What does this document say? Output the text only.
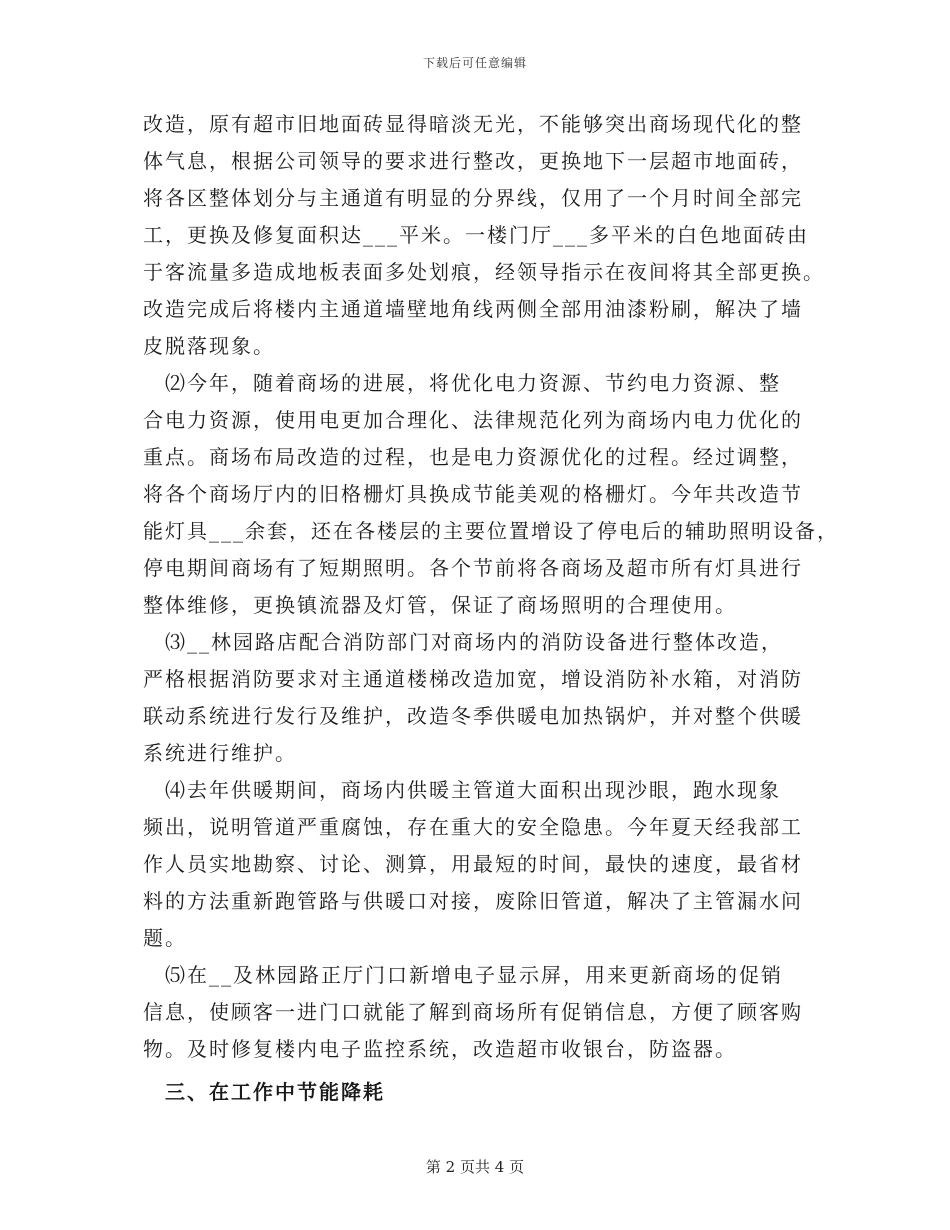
下载后可任意编辑
改造，原有超市旧地面砖显得暗淡无光，不能够突出商场现代化的整
体气息，根据公司领导的要求进行整改，更换地下一层超市地面砖，
将各区整体划分与主通道有明显的分界线，仅用了一个月时间全部完
工，更换及修复面积达___平米。一楼门厅___多平米的白色地面砖由
于客流量多造成地板表面多处划痕，经领导指示在夜间将其全部更换。
改造完成后将楼内主通道墙壁地角线两侧全部用油漆粉刷，解决了墙
皮脱落现象。
⑵今年，随着商场的进展，将优化电力资源、节约电力资源、整
合电力资源，使用电更加合理化、法律规范化列为商场内电力优化的
重点。商场布局改造的过程，也是电力资源优化的过程。经过调整，
将各个商场厅内的旧格栅灯具换成节能美观的格栅灯。今年共改造节
能灯具___余套，还在各楼层的主要位置增设了停电后的辅助照明设备，
停电期间商场有了短期照明。各个节前将各商场及超市所有灯具进行
整体维修，更换镇流器及灯管，保证了商场照明的合理使用。
⑶__林园路店配合消防部门对商场内的消防设备进行整体改造，
严格根据消防要求对主通道楼梯改造加宽，增设消防补水箱，对消防
联动系统进行发行及维护，改造冬季供暖电加热锅炉，并对整个供暖
系统进行维护。
⑷去年供暖期间，商场内供暖主管道大面积出现沙眼，跑水现象
频出，说明管道严重腐蚀，存在重大的安全隐患。今年夏天经我部工
作人员实地勘察、讨论、测算，用最短的时间，最快的速度，最省材
料的方法重新跑管路与供暖口对接，废除旧管道，解决了主管漏水问
题。
⑸在__及林园路正厅门口新增电子显示屏，用来更新商场的促销
信息，使顾客一进门口就能了解到商场所有促销信息，方便了顾客购
物。及时修复楼内电子监控系统，改造超市收银台，防盗器。
三、在工作中节能降耗
第 2 页共 4 页
